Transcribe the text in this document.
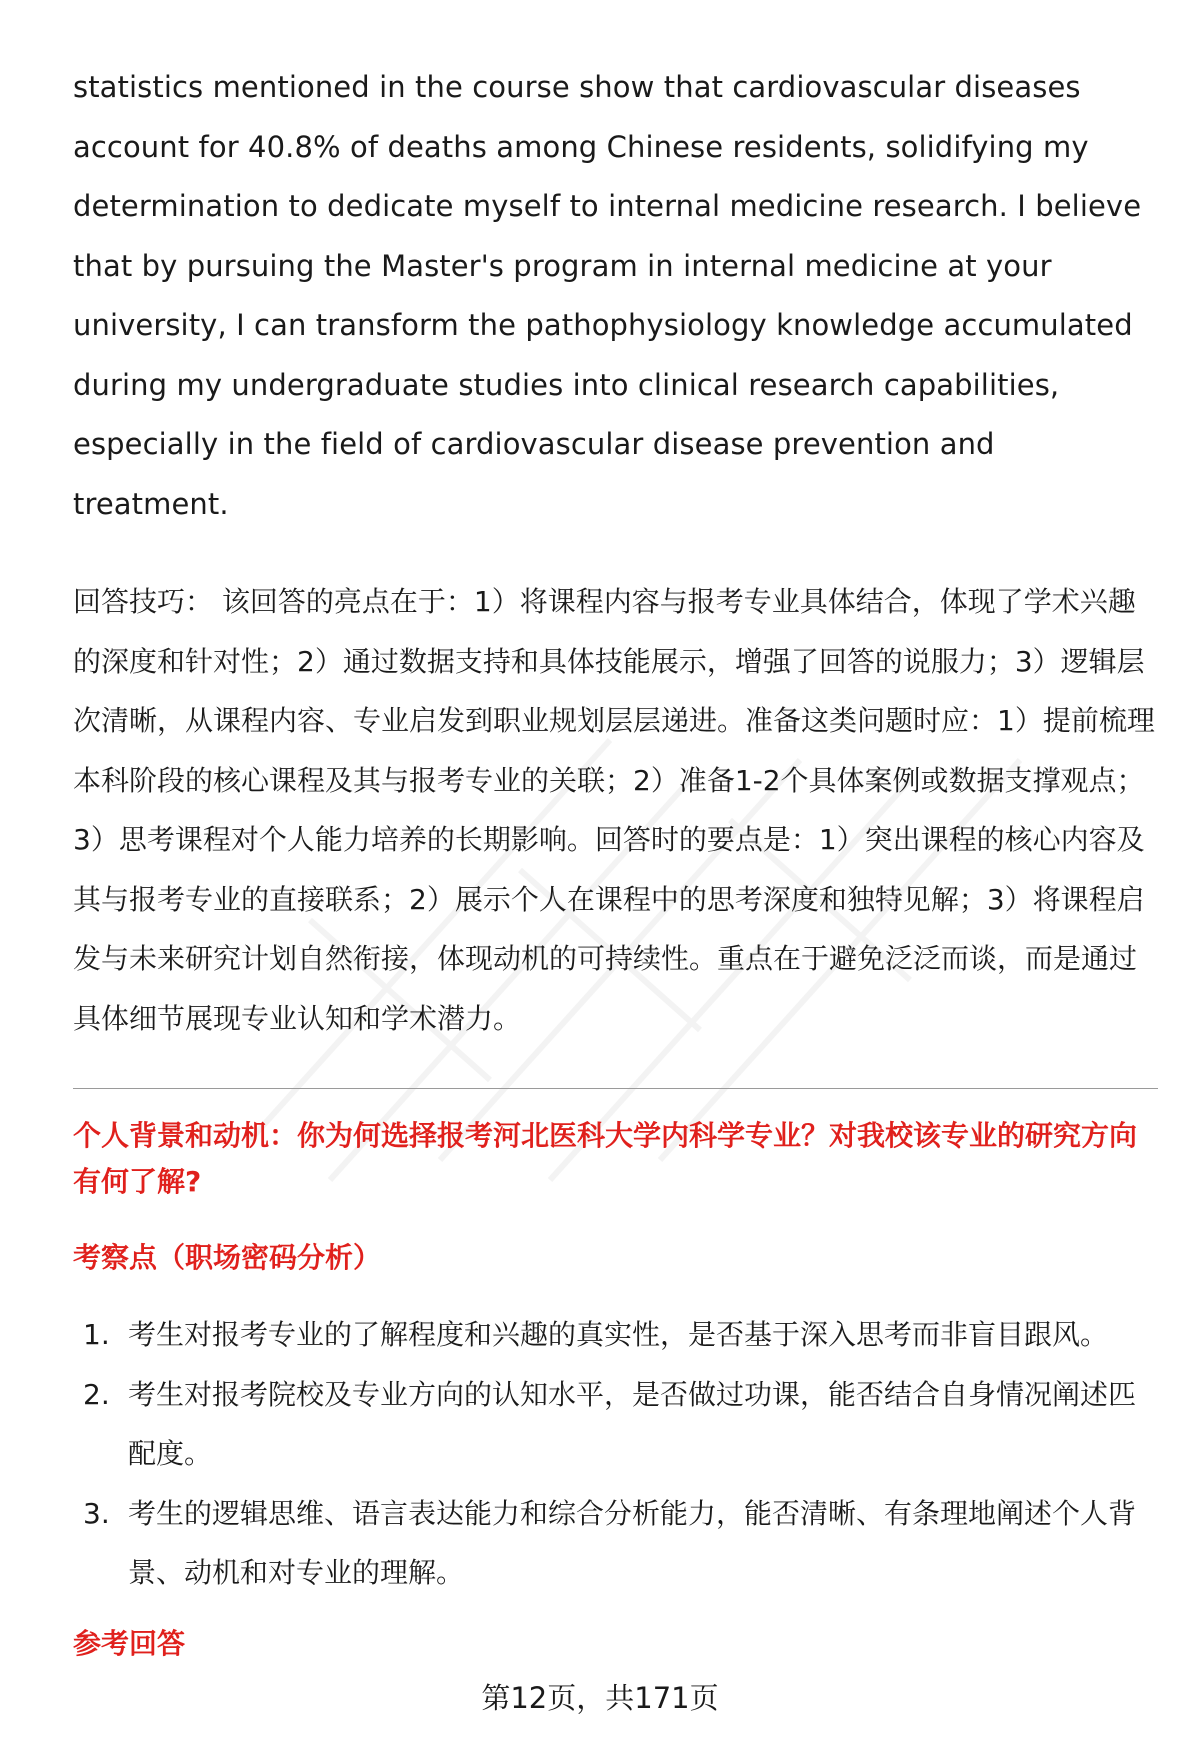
statistics mentioned in the course show that cardiovascular diseases account for 40.8% of deaths among Chinese residents, solidifying my determination to dedicate myself to internal medicine research. I believe that by pursuing the Master's program in internal medicine at your university, I can transform the pathophysiology knowledge accumulated during my undergraduate studies into clinical research capabilities, especially in the field of cardiovascular disease prevention and treatment.

回答技巧： 该回答的亮点在于：1）将课程内容与报考专业具体结合，体现了学术兴趣的深度和针对性；2）通过数据支持和具体技能展示，增强了回答的说服力；3）逻辑层次清晰，从课程内容、专业启发到职业规划层层递进。准备这类问题时应：1）提前梳理本科阶段的核心课程及其与报考专业的关联；2）准备1-2个具体案例或数据支撑观点；3）思考课程对个人能力培养的长期影响。回答时的要点是：1）突出课程的核心内容及其与报考专业的直接联系；2）展示个人在课程中的思考深度和独特见解；3）将课程启发与未来研究计划自然衔接，体现动机的可持续性。重点在于避免泛泛而谈，而是通过具体细节展现专业认知和学术潜力。

个人背景和动机：你为何选择报考河北医科大学内科学专业？对我校该专业的研究方向有何了解?
考察点（职场密码分析）
1. 考生对报考专业的了解程度和兴趣的真实性，是否基于深入思考而非盲目跟风。
2. 考生对报考院校及专业方向的认知水平，是否做过功课，能否结合自身情况阐述匹配度。
3. 考生的逻辑思维、语言表达能力和综合分析能力，能否清晰、有条理地阐述个人背景、动机和对专业的理解。
参考回答
第12页，共171页
